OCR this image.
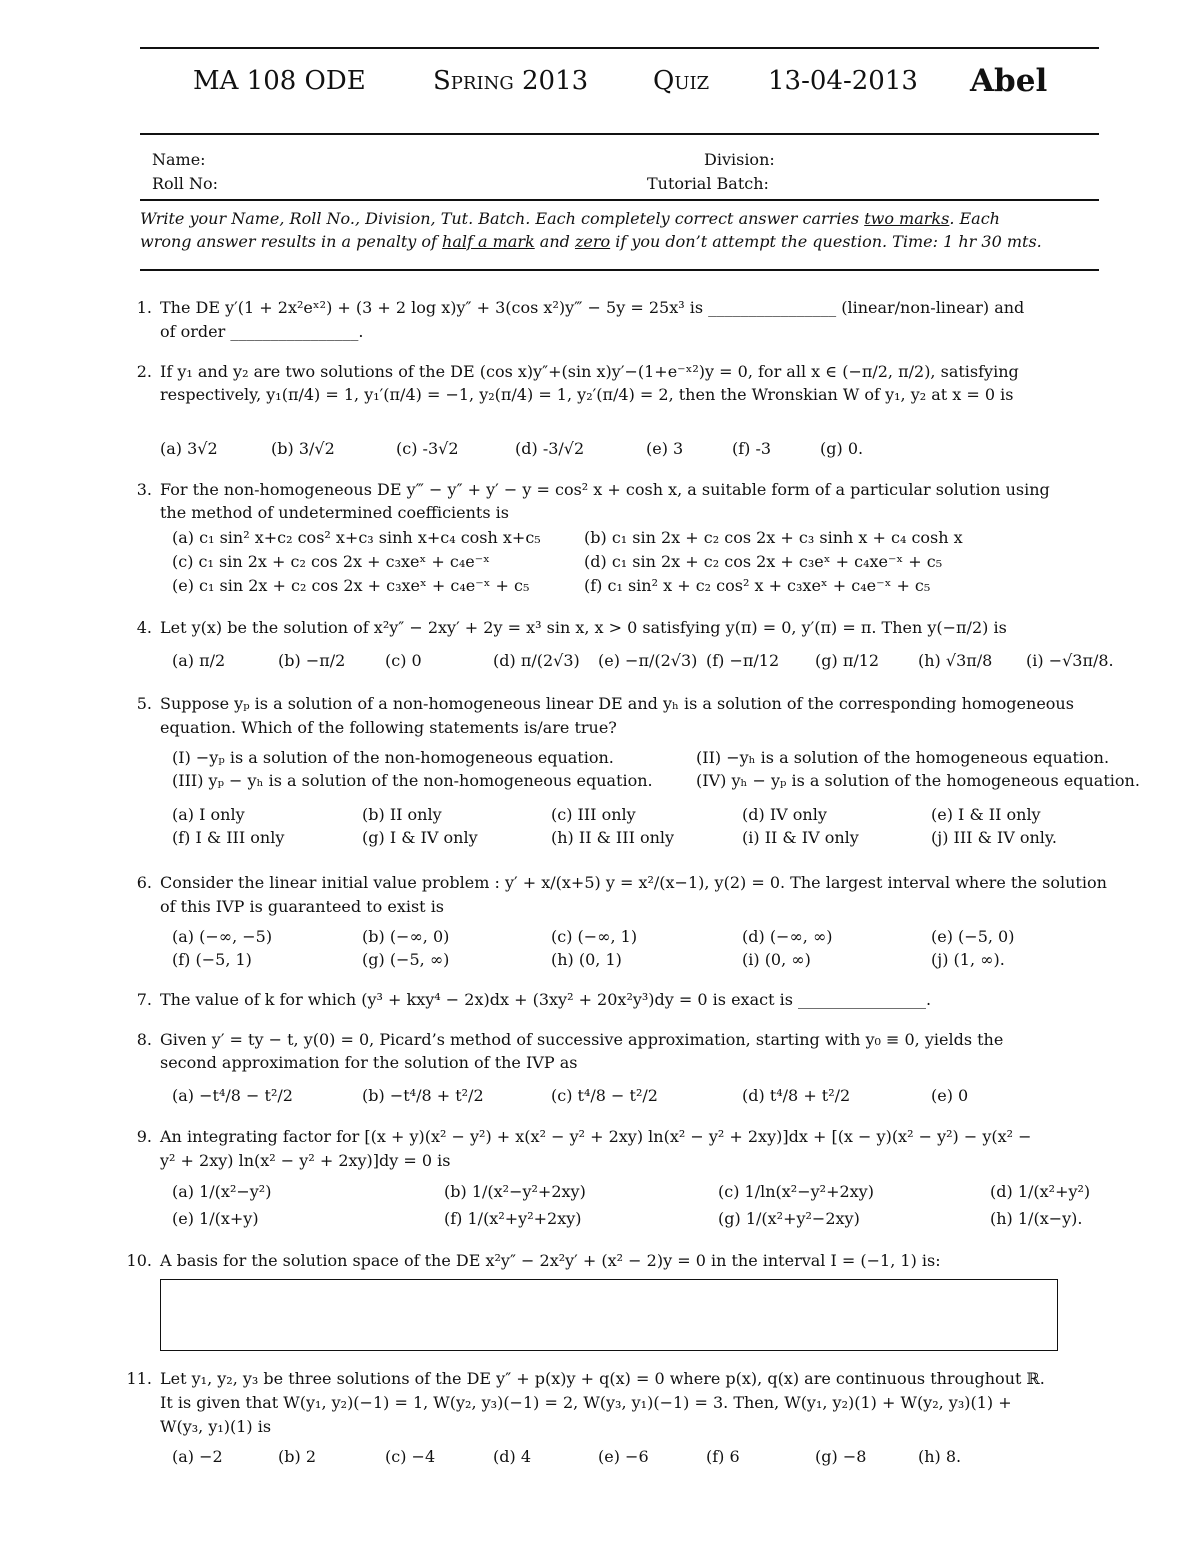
MA 108 ODE	Spring 2013 Quiz 13-04-2013 Abel
Name:	Division:
Roll No:	Tutorial Batch:
Write your Name, Roll No., Division, Tut. Batch. Each completely correct answer carries two marks. Each
wrong answer results in a penalty of half a mark and zero if you don’t attempt the question. Time: 1 hr 30 mts.
1. The DE y′(1 + 2x²eˣ²) + (3 + 2 log x)y″ + 3(cos x²)y‴ − 5y = 25x³ is ________________ (linear/non-linear) and
of order ________________.
2. If y₁ and y₂ are two solutions of the DE (cos x)y″+(sin x)y′−(1+e⁻ˣ²)y = 0, for all x ∈ (−π/2, π/2), satisfying
respectively, y₁(π/4) = 1, y₁′(π/4) = −1, y₂(π/4) = 1, y₂′(π/4) = 2, then the Wronskian W of y₁, y₂ at x = 0 is
(a) 3√2	(b) 3/√2	(c) -3√2	(d) -3/√2	(e) 3	(f) -3	(g) 0.
3. For the non-homogeneous DE y‴ − y″ + y′ − y = cos² x + cosh x, a suitable form of a particular solution using
the method of undetermined coefficients is
(a) c₁ sin² x+c₂ cos² x+c₃ sinh x+c₄ cosh x+c₅	(b) c₁ sin 2x + c₂ cos 2x + c₃ sinh x + c₄ cosh x
(c) c₁ sin 2x + c₂ cos 2x + c₃xeˣ + c₄e⁻ˣ	(d) c₁ sin 2x + c₂ cos 2x + c₃eˣ + c₄xe⁻ˣ + c₅
(e) c₁ sin 2x + c₂ cos 2x + c₃xeˣ + c₄e⁻ˣ + c₅	(f) c₁ sin² x + c₂ cos² x + c₃xeˣ + c₄e⁻ˣ + c₅
4. Let y(x) be the solution of x²y″ − 2xy′ + 2y = x³ sin x, x > 0 satisfying y(π) = 0, y′(π) = π. Then y(−π/2) is
(a) π/2	(b) −π/2 (c) 0	(d) π/(2√3) (e) −π/(2√3) (f) −π/12 (g) π/12 (h) √3π/8 (i) −√3π/8.
5. Suppose yₚ is a solution of a non-homogeneous linear DE and yₕ is a solution of the corresponding homogeneous
equation. Which of the following statements is/are true?
(I) −yₚ is a solution of the non-homogeneous equation.	(II) −yₕ is a solution of the homogeneous equation.
(III) yₚ − yₕ is a solution of the non-homogeneous equation.	(IV) yₕ − yₚ is a solution of the homogeneous equation.
(a) I only	(b) II only	(c) III only	(d) IV only	(e) I & II only
(f) I & III only	(g) I & IV only	(h) II & III only	(i) II & IV only	(j) III & IV only.
6. Consider the linear initial value problem : y′ + x/(x+5) y = x²/(x−1), y(2) = 0. The largest interval where the solution
of this IVP is guaranteed to exist is
(a) (−∞, −5)	(b) (−∞, 0)	(c) (−∞, 1)	(d) (−∞, ∞)	(e) (−5, 0)
(f) (−5, 1)	(g) (−5, ∞)	(h) (0, 1)	(i) (0, ∞)	(j) (1, ∞).
7. The value of k for which (y³ + kxy⁴ − 2x)dx + (3xy² + 20x²y³)dy = 0 is exact is ________________.
8. Given y′ = ty − t, y(0) = 0, Picard’s method of successive approximation, starting with y₀ ≡ 0, yields the
second approximation for the solution of the IVP as
(a) −t⁴/8 − t²/2	(b) −t⁴/8 + t²/2	(c) t⁴/8 − t²/2	(d) t⁴/8 + t²/2	(e) 0
9. An integrating factor for [(x + y)(x² − y²) + x(x² − y² + 2xy) ln(x² − y² + 2xy)]dx + [(x − y)(x² − y²) − y(x² −
y² + 2xy) ln(x² − y² + 2xy)]dy = 0 is
(a) 1/(x²−y²)	(b) 1/(x²−y²+2xy)	(c) 1/ln(x²−y²+2xy)	(d) 1/(x²+y²)
(e) 1/(x+y)	(f) 1/(x²+y²+2xy)	(g) 1/(x²+y²−2xy)	(h) 1/(x−y).
10. A basis for the solution space of the DE x²y″ − 2x²y′ + (x² − 2)y = 0 in the interval I = (−1, 1) is:
11. Let y₁, y₂, y₃ be three solutions of the DE y″ + p(x)y + q(x) = 0 where p(x), q(x) are continuous throughout ℝ.
It is given that W(y₁, y₂)(−1) = 1, W(y₂, y₃)(−1) = 2, W(y₃, y₁)(−1) = 3. Then, W(y₁, y₂)(1) + W(y₂, y₃)(1) +
W(y₃, y₁)(1) is
(a) −2	(b) 2	(c) −4	(d) 4	(e) −6	(f) 6	(g) −8	(h) 8.
